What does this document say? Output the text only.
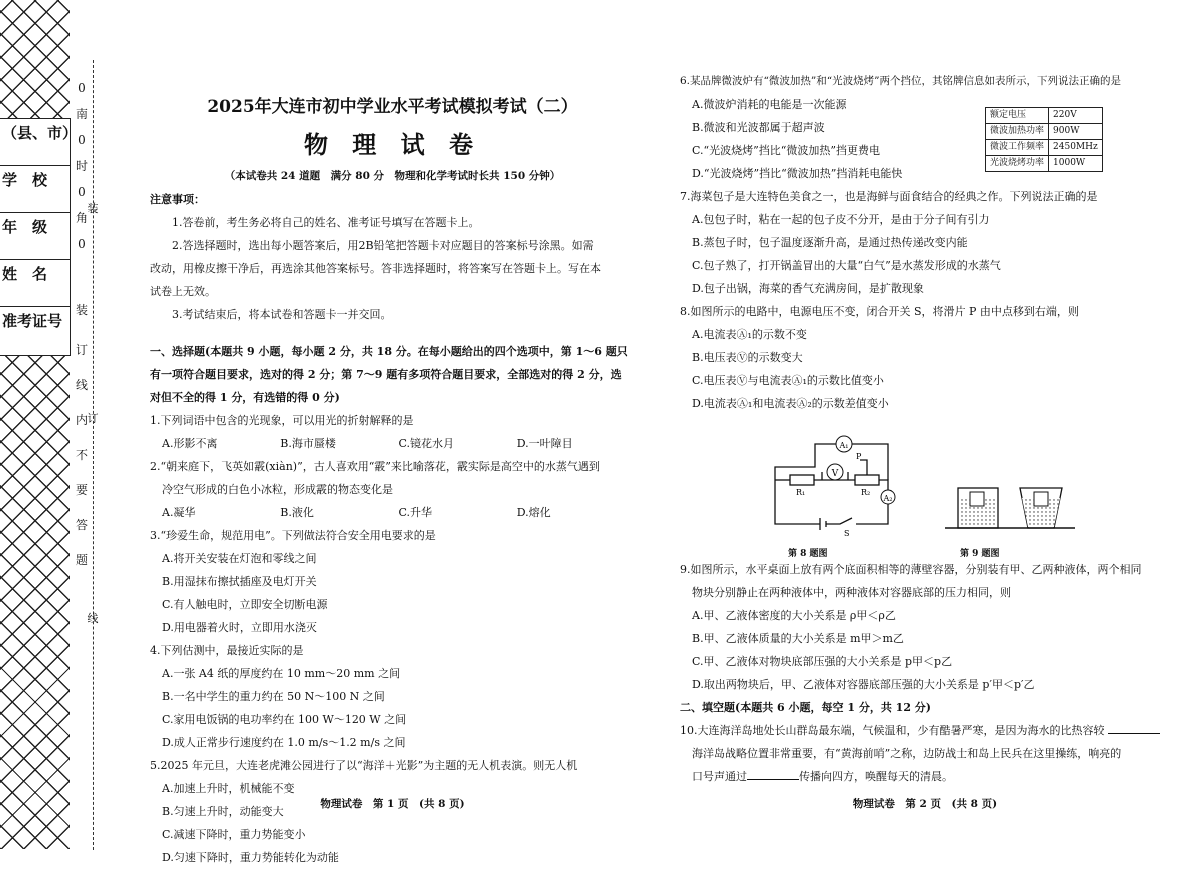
（县、市）
学　校
年　级
姓　名
准考证号
0
南
0
时
0
角
0
装
订
线
内
不
要
答
题
装
订
线
2025年大连市初中学业水平考试模拟考试（二）
物 理 试 卷
（本试卷共 24 道题　满分 80 分　物理和化学考试时长共 150 分钟）
注意事项：
1.答卷前，考生务必将自己的姓名、准考证号填写在答题卡上。
2.答选择题时，选出每小题答案后，用2B铅笔把答题卡对应题目的答案标号涂黑。如需
改动，用橡皮擦干净后，再选涂其他答案标号。答非选择题时，将答案写在答题卡上。写在本
试卷上无效。
3.考试结束后，将本试卷和答题卡一并交回。
一、选择题(本题共 9 小题，每小题 2 分，共 18 分。在每小题给出的四个选项中，第 1～6 题只
有一项符合题目要求，选对的得 2 分；第 7～9 题有多项符合题目要求，全部选对的得 2 分，选
对但不全的得 1 分，有选错的得 0 分)
1.下列词语中包含的光现象，可以用光的折射解释的是
A.形影不离	B.海市蜃楼	C.镜花水月	D.一叶障目
2.“朝来庭下，飞英如霰(xiàn)”，古人喜欢用“霰”来比喻落花，霰实际是高空中的水蒸气遇到
冷空气形成的白色小冰粒，形成霰的物态变化是
A.凝华	B.液化	C.升华	D.熔化
3.“珍爱生命，规范用电”。下列做法符合安全用电要求的是
A.将开关安装在灯泡和零线之间
B.用湿抹布擦拭插座及电灯开关
C.有人触电时，立即安全切断电源
D.用电器着火时，立即用水浇灭
4.下列估测中，最接近实际的是
A.一张 A4 纸的厚度约在 10 mm～20 mm 之间
B.一名中学生的重力约在 50 N～100 N 之间
C.家用电饭锅的电功率约在 100 W～120 W 之间
D.成人正常步行速度约在 1.0 m/s～1.2 m/s 之间
5.2025 年元旦，大连老虎滩公园进行了以“海洋＋光影”为主题的无人机表演。则无人机
A.加速上升时，机械能不变
B.匀速上升时，动能变大
C.减速下降时，重力势能变小
D.匀速下降时，重力势能转化为动能
物理试卷　第 1 页　(共 8 页)
6.某品牌微波炉有“微波加热”和“光波烧烤”两个挡位，其铭牌信息如表所示，下列说法正确的是
A.微波炉消耗的电能是一次能源
B.微波和光波都属于超声波
C.“光波烧烤”挡比“微波加热”挡更费电
D.“光波烧烤”挡比“微波加热”挡消耗电能快
7.海菜包子是大连特色美食之一，也是海鲜与面食结合的经典之作。下列说法正确的是
A.包包子时，粘在一起的包子皮不分开，是由于分子间有引力
B.蒸包子时，包子温度逐渐升高，是通过热传递改变内能
C.包子熟了，打开锅盖冒出的大量“白气”是水蒸发形成的水蒸气
D.包子出锅，海菜的香气充满房间，是扩散现象
8.如图所示的电路中，电源电压不变，闭合开关 S，将滑片 P 由中点移到右端，则
A.电流表Ⓐ₁的示数不变
B.电压表Ⓥ的示数变大
C.电压表Ⓥ与电流表Ⓐ₁的示数比值变小
D.电流表Ⓐ₁和电流表Ⓐ₂的示数差值变小
额定电压	220V
微波加热功率	900W
微波工作频率	2450MHz
光波烧烤功率	1000W
V
A₁
A₂
R₁	R₂
P
S
第 8 题图	第 9 题图
9.如图所示，水平桌面上放有两个底面积相等的薄壁容器，分别装有甲、乙两种液体，两个相同
物块分别静止在两种液体中，两种液体对容器底部的压力相同，则
A.甲、乙液体密度的大小关系是 ρ甲＜ρ乙
B.甲、乙液体质量的大小关系是 m甲＞m乙
C.甲、乙液体对物块底部压强的大小关系是 p甲＜p乙
D.取出两物块后，甲、乙液体对容器底部压强的大小关系是 p′甲＜p′乙
二、填空题(本题共 6 小题，每空 1 分，共 12 分)
10.大连海洋岛地处长山群岛最东端，气候温和，少有酷暑严寒，是因为海水的比热容较
海洋岛战略位置非常重要，有“黄海前哨”之称，边防战士和岛上民兵在这里操练，响亮的
口号声通过	传播向四方，唤醒每天的清晨。
物理试卷　第 2 页　(共 8 页)
